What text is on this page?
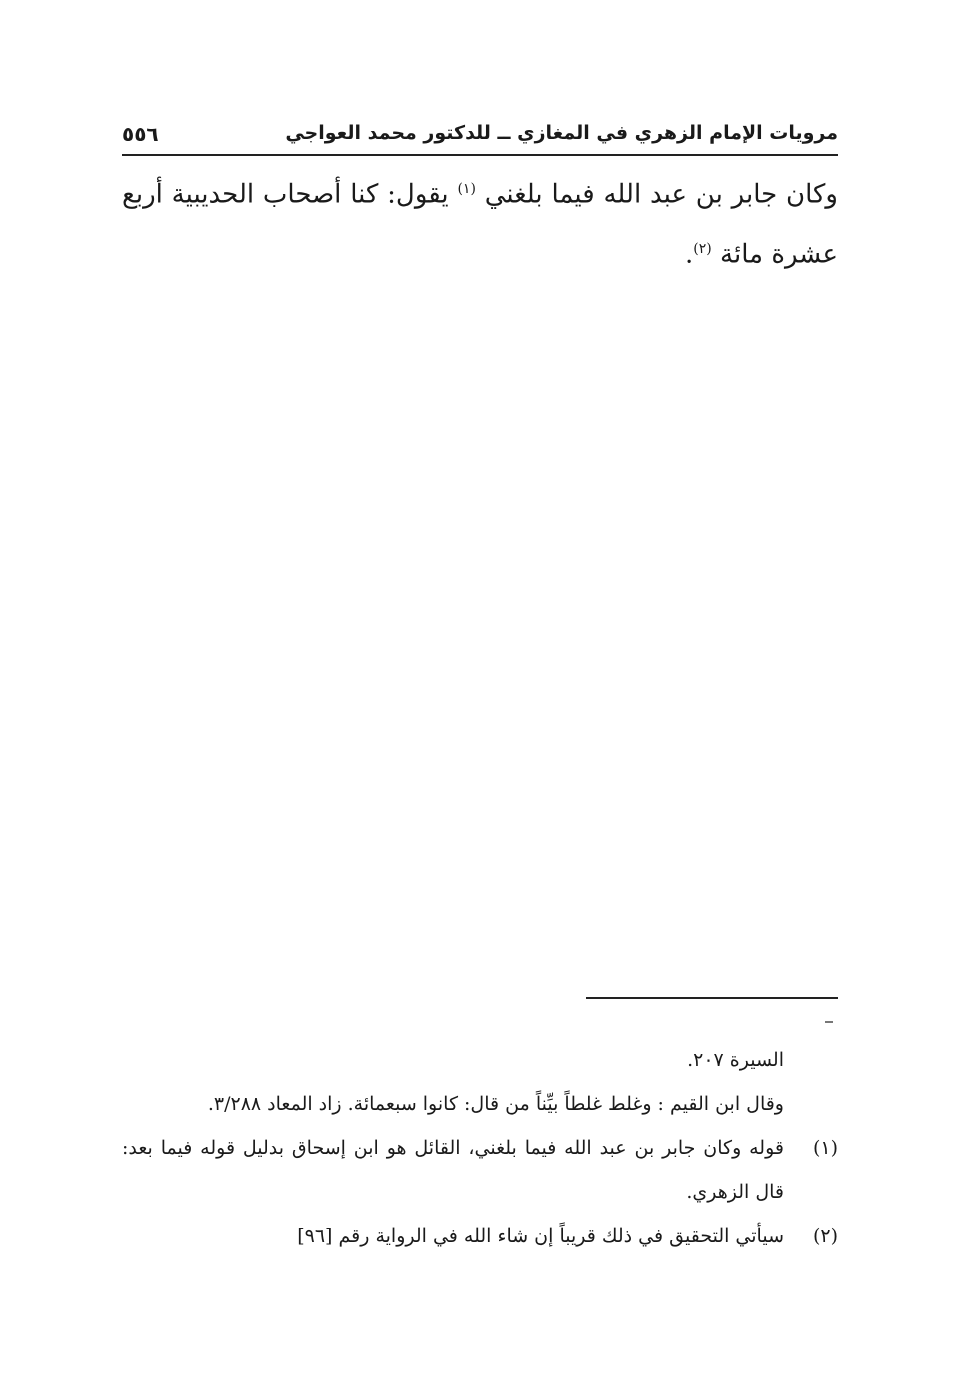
مرويات الإمام الزهري في المغازي ــ للدكتور محمد العواجي
٥٥٦
وكان جابر بن عبد الله فيما بلغني $^{(١)}$ يقول: كنا أصحاب الحديبية أربع عشرة مائة $^{(٢)}$.
السيرة ٢٠٧.
وقال ابن القيم : وغلط غلطاً بيِّناً من قال: كانوا سبعمائة. زاد المعاد ٣/٢٨٨.
(١)
قوله وكان جابر بن عبد الله فيما بلغني، القائل هو ابن إسحاق بدليل قوله فيما بعد: قال الزهري.
(٢)
سيأتي التحقيق في ذلك قريباً إن شاء الله في الرواية رقم [٩٦]
